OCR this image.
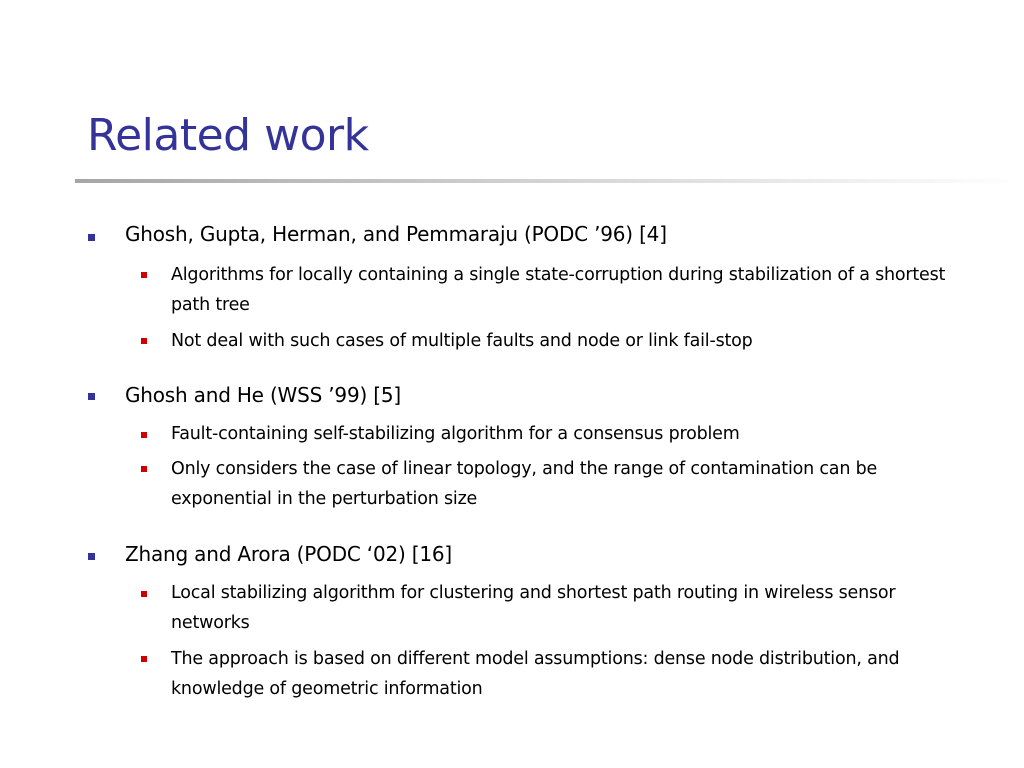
Related work
Ghosh, Gupta, Herman, and Pemmaraju (PODC ’96) [4]
Algorithms for locally containing a single state-corruption during stabilization of a shortest path tree
Not deal with such cases of multiple faults and node or link fail-stop
Ghosh and He (WSS ’99) [5]
Fault-containing self-stabilizing algorithm for a consensus problem
Only considers the case of linear topology, and the range of contamination can be exponential in the perturbation size
Zhang and Arora (PODC ‘02) [16]
Local stabilizing algorithm for clustering and shortest path routing in wireless sensor networks
The approach is based on different model assumptions: dense node distribution, and knowledge of geometric information
